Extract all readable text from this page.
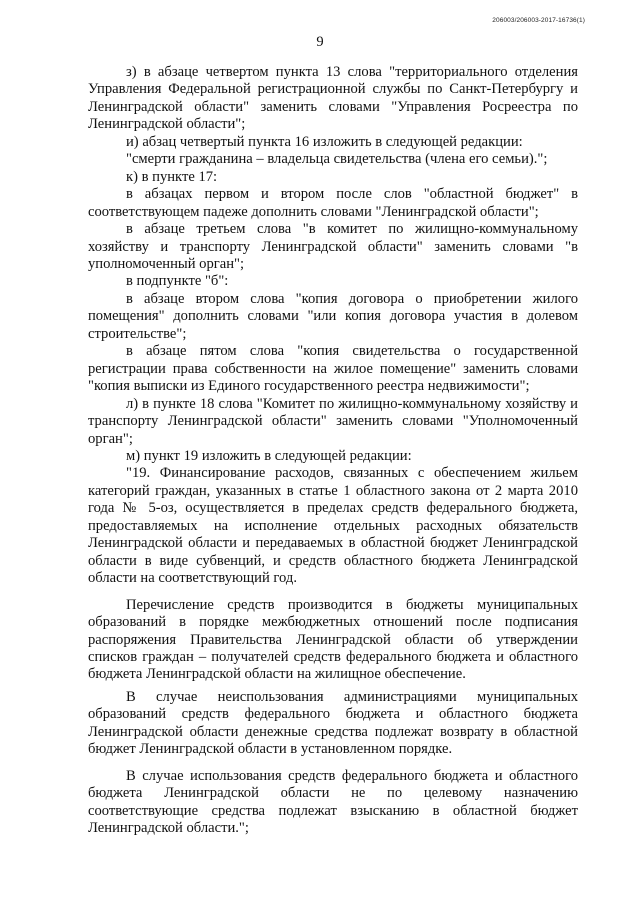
206003/206003-2017-16736(1)
9

з) в абзаце четвертом пункта 13 слова "территориального отделения Управления Федеральной регистрационной службы по Санкт-Петербургу и Ленинградской области" заменить словами "Управления Росреестра по Ленинградской области";

и) абзац четвертый пункта 16 изложить в следующей редакции:

"смерти гражданина – владельца свидетельства (члена его семьи).";

к) в пункте 17:

в абзацах первом и втором после слов "областной бюджет" в соответствующем падеже дополнить словами "Ленинградской области";

в абзаце третьем слова "в комитет по жилищно-коммунальному хозяйству и транспорту Ленинградской области" заменить словами "в уполномоченный орган";

в подпункте "б":

в абзаце втором слова "копия договора о приобретении жилого помещения" дополнить словами "или копия договора участия в долевом строительстве";

в абзаце пятом слова "копия свидетельства о государственной регистрации права собственности на жилое помещение" заменить словами "копия выписки из Единого государственного реестра недвижимости";

л) в пункте 18 слова "Комитет по жилищно-коммунальному хозяйству и транспорту Ленинградской области" заменить словами "Уполномоченный орган";

м) пункт 19 изложить в следующей редакции:

"19. Финансирование расходов, связанных с обеспечением жильем категорий граждан, указанных в статье 1 областного закона от 2 марта 2010 года № 5-оз, осуществляется в пределах средств федерального бюджета, предоставляемых на исполнение отдельных расходных обязательств Ленинградской области и передаваемых в областной бюджет Ленинградской области в виде субвенций, и средств областного бюджета Ленинградской области на соответствующий год.

Перечисление средств производится в бюджеты муниципальных образований в порядке межбюджетных отношений после подписания распоряжения Правительства Ленинградской области об утверждении списков граждан – получателей средств федерального бюджета и областного бюджета Ленинградской области на жилищное обеспечение.

В случае неиспользования администрациями муниципальных образований средств федерального бюджета и областного бюджета Ленинградской области денежные средства подлежат возврату в областной бюджет Ленинградской области в установленном порядке.

В случае использования средств федерального бюджета и областного бюджета Ленинградской области не по целевому назначению соответствующие средства подлежат взысканию в областной бюджет Ленинградской области.";
